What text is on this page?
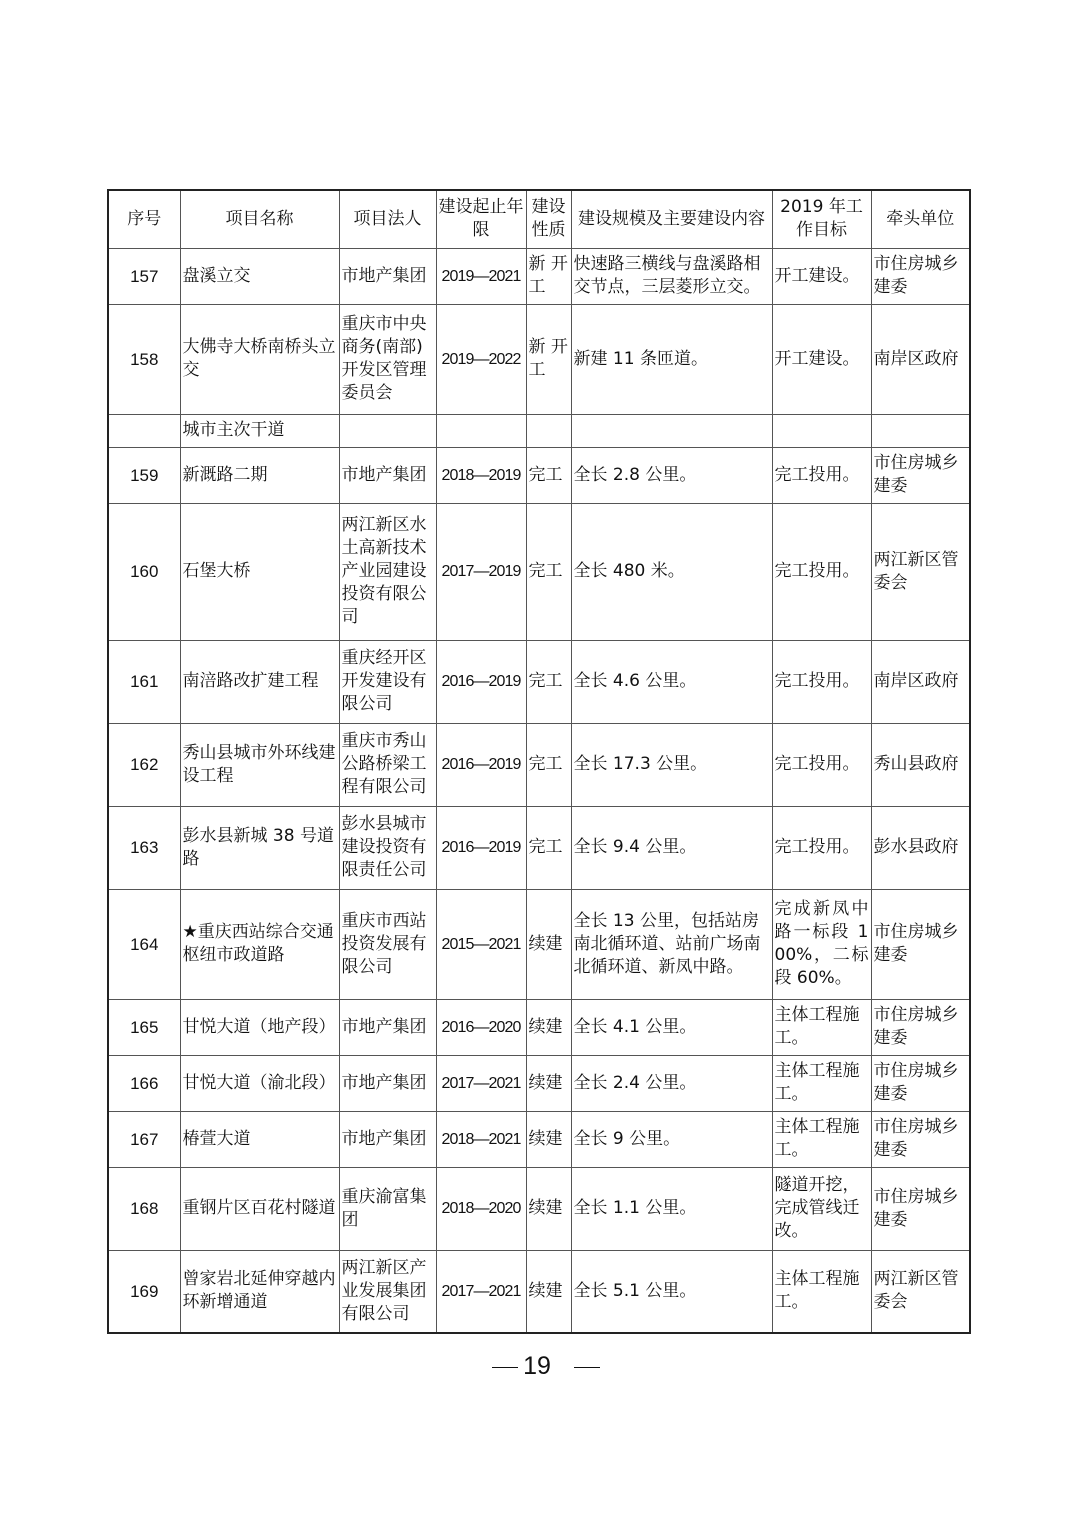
序号	项目名称	项目法人	建设起止年限	建设性质	建设规模及主要建设内容	2019 年工作目标	牵头单位
157	盘溪立交	市地产集团	2019—2021	新 开工	快速路三横线与盘溪路相交节点，三层菱形立交。	开工建设。	市住房城乡建委
158	大佛寺大桥南桥头立交	重庆市中央商务(南部)开发区管理委员会	2019—2022	新 开工	新建 11 条匝道。	开工建设。	南岸区政府
	城市主次干道						
159	新溉路二期	市地产集团	2018—2019	完工	全长 2.8 公里。	完工投用。	市住房城乡建委
160	石堡大桥	两江新区水土高新技术产业园建设投资有限公司	2017—2019	完工	全长 480 米。	完工投用。	两江新区管委会
161	南涪路改扩建工程	重庆经开区开发建设有限公司	2016—2019	完工	全长 4.6 公里。	完工投用。	南岸区政府
162	秀山县城市外环线建设工程	重庆市秀山公路桥梁工程有限公司	2016—2019	完工	全长 17.3 公里。	完工投用。	秀山县政府
163	彭水县新城 38 号道路	彭水县城市建设投资有限责任公司	2016—2019	完工	全长 9.4 公里。	完工投用。	彭水县政府
164	★重庆西站综合交通枢纽市政道路	重庆市西站投资发展有限公司	2015—2021	续建	全长 13 公里，包括站房南北循环道、站前广场南北循环道、新凤中路。	完成新凤中路一标段 100%，二标段 60%。	市住房城乡建委
165	甘悦大道（地产段）	市地产集团	2016—2020	续建	全长 4.1 公里。	主体工程施工。	市住房城乡建委
166	甘悦大道（渝北段）	市地产集团	2017—2021	续建	全长 2.4 公里。	主体工程施工。	市住房城乡建委
167	椿萱大道	市地产集团	2018—2021	续建	全长 9 公里。	主体工程施工。	市住房城乡建委
168	重钢片区百花村隧道	重庆渝富集团	2018—2020	续建	全长 1.1 公里。	隧道开挖，完成管线迁改。	市住房城乡建委
169	曾家岩北延伸穿越内环新增通道	两江新区产业发展集团有限公司	2017—2021	续建	全长 5.1 公里。	主体工程施工。	两江新区管委会
19
